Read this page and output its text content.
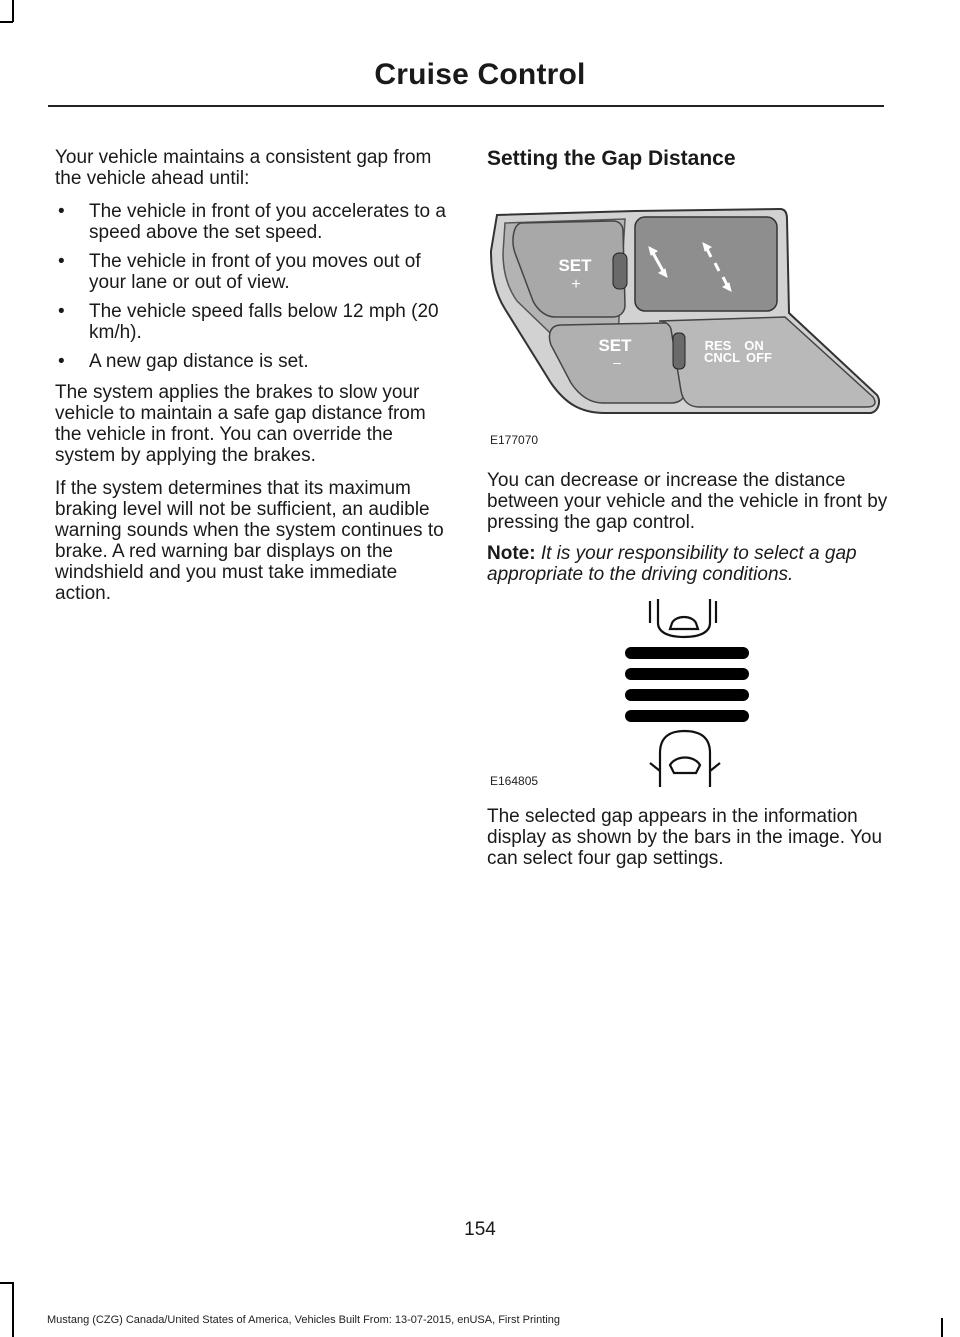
Cruise Control

Your vehicle maintains a consistent gap from the vehicle ahead until:

• The vehicle in front of you accelerates to a speed above the set speed.
• The vehicle in front of you moves out of your lane or out of view.
• The vehicle speed falls below 12 mph (20 km/h).
• A new gap distance is set.

The system applies the brakes to slow your vehicle to maintain a safe gap distance from the vehicle in front. You can override the system by applying the brakes.

If the system determines that its maximum braking level will not be sufficient, an audible warning sounds when the system continues to brake. A red warning bar displays on the windshield and you must take immediate action.

Setting the Gap Distance
SET
+
SET
–
RES ON
CNCL OFF
E177070

You can decrease or increase the distance between your vehicle and the vehicle in front by pressing the gap control.

Note: It is your responsibility to select a gap appropriate to the driving conditions.

E164805

The selected gap appears in the information display as shown by the bars in the image. You can select four gap settings.

154
Mustang (CZG) Canada/United States of America, Vehicles Built From: 13-07-2015, enUSA, First Printing
